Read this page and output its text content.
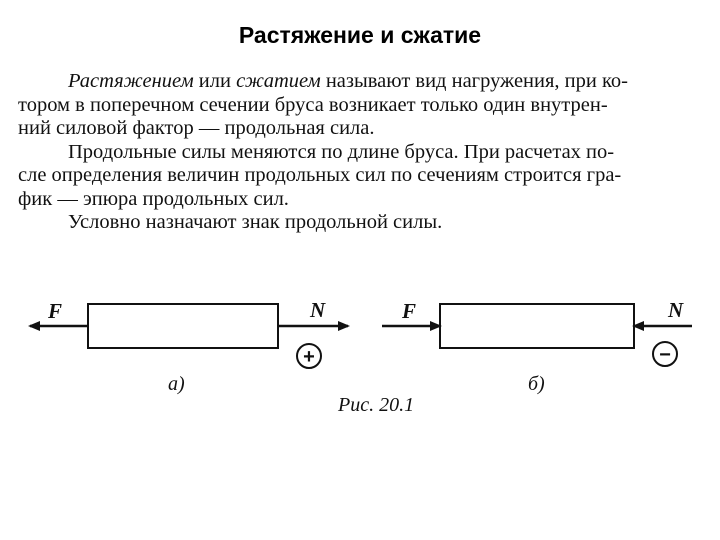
Растяжение и сжатие
Растяжением или сжатием называют вид нагружения, при ко-
тором в поперечном сечении бруса возникает только один внутрен-
ний силовой фактор — продольная сила.
Продольные силы меняются по длине бруса. При расчетах по-
сле определения величин продольных сил по сечениям строится гра-
фик — эпюра продольных сил.
Условно назначают знак продольной силы.
F	N
+
а)
F	N
−
б)
Рис. 20.1
